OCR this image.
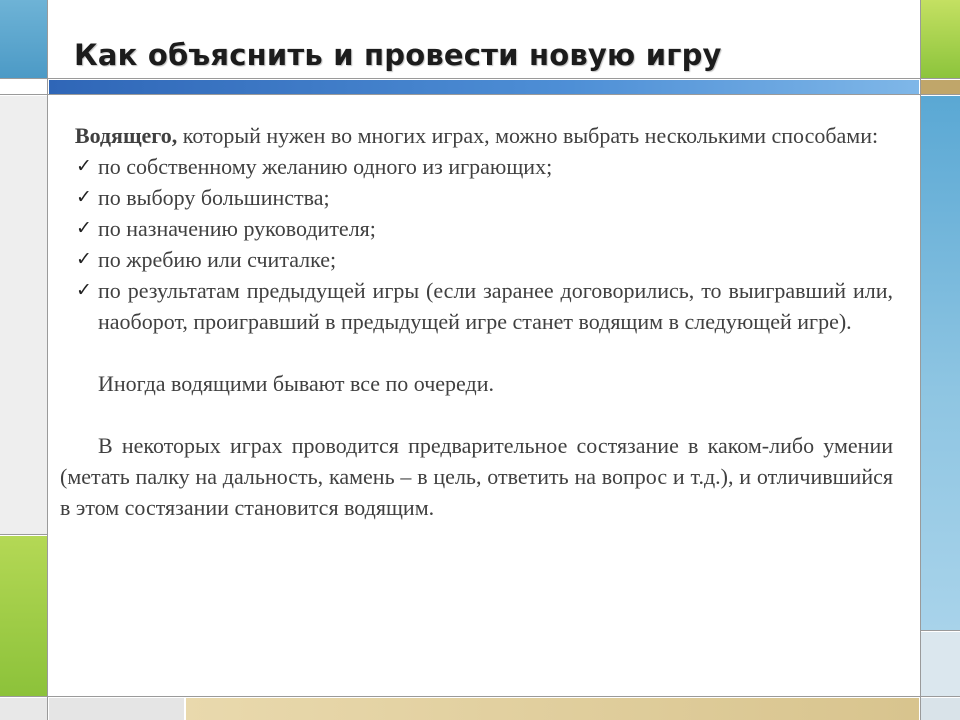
Как объяснить и провести новую игру

Водящего, который нужен во многих играх, можно выбрать несколькими способами:

✓ по собственному желанию одного из играющих;
✓ по выбору большинства;
✓ по назначению руководителя;
✓ по жребию или считалке;
✓ по результатам предыдущей игры (если заранее договорились, то выигравший или, наоборот, проигравший в предыдущей игре станет водящим в следующей игре).

Иногда водящими бывают все по очереди.

В некоторых играх проводится предварительное состязание в каком-либо умении (метать палку на дальность, камень – в цель, ответить на вопрос и т.д.), и отличившийся в этом состязании становится водящим.
